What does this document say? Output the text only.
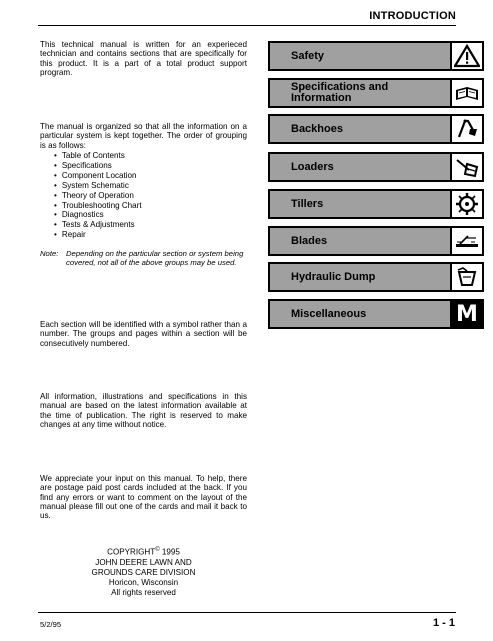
INTRODUCTION
This technical manual is written for an experieced technician and contains sections that are specifically for this product. It is a part of a total product support program.
The manual is organized so that all the information on a particular system is kept together. The order of grouping is as follows:
• Table of Contents
• Specifications
• Component Location
• System Schematic
• Theory of Operation
• Troubleshooting Chart
• Diagnostics
• Tests & Adjustments
• Repair
Note: Depending on the particular section or system being covered, not all of the above groups may be used.
Each section will be identified with a symbol rather than a number. The groups and pages within a section will be consecutively numbered.
All information, illustrations and specifications in this manual are based on the latest information available at the time of publication. The right is reserved to make changes at any time without notice.
We appreciate your input on this manual. To help, there are postage paid post cards included at the back. If you find any errors or want to comment on the layout of the manual please fill out one of the cards and mail it back to us.
COPYRIGHT© 1995
JOHN DEERE LAWN AND
GROUNDS CARE DIVISION
Horicon, Wisconsin
All rights reserved
Safety
Specifications and Information
Backhoes
Loaders
Tillers
Blades
Hydraulic Dump
Miscellaneous	M
5/2/95	1 - 1
